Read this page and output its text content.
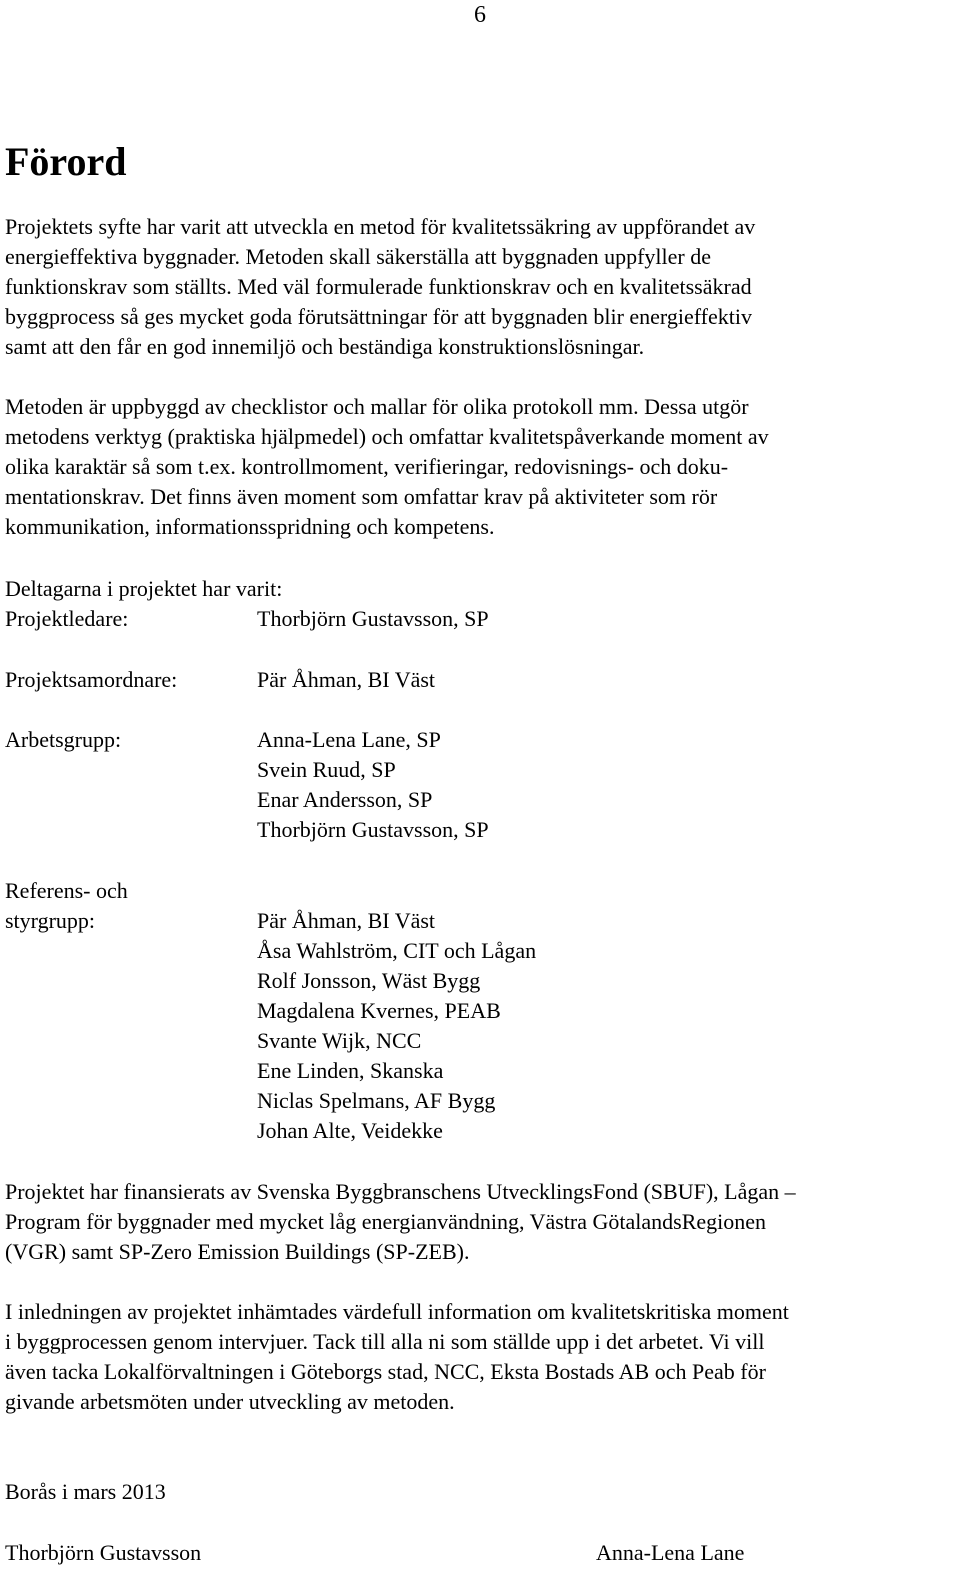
6
Förord
Projektets syfte har varit att utveckla en metod för kvalitetssäkring av uppförandet av
energieffektiva byggnader. Metoden skall säkerställa att byggnaden uppfyller de
funktionskrav som ställts. Med väl formulerade funktionskrav och en kvalitetssäkrad
byggprocess så ges mycket goda förutsättningar för att byggnaden blir energieffektiv
samt att den får en god innemiljö och beständiga konstruktionslösningar.
Metoden är uppbyggd av checklistor och mallar för olika protokoll mm. Dessa utgör
metodens verktyg (praktiska hjälpmedel) och omfattar kvalitetspåverkande moment av
olika karaktär så som t.ex. kontrollmoment, verifieringar, redovisnings- och doku-
mentationskrav. Det finns även moment som omfattar krav på aktiviteter som rör
kommunikation, informationsspridning och kompetens.
Deltagarna i projektet har varit:
Projektledare:	Thorbjörn Gustavsson, SP
Projektsamordnare:	Pär Åhman, BI Väst
Arbetsgrupp:	Anna-Lena Lane, SP
Svein Ruud, SP
Enar Andersson, SP
Thorbjörn Gustavsson, SP
Referens- och
styrgrupp:	Pär Åhman, BI Väst
Åsa Wahlström, CIT och Lågan
Rolf Jonsson, Wäst Bygg
Magdalena Kvernes, PEAB
Svante Wijk, NCC
Ene Linden, Skanska
Niclas Spelmans, AF Bygg
Johan Alte, Veidekke
Projektet har finansierats av Svenska Byggbranschens UtvecklingsFond (SBUF), Lågan –
Program för byggnader med mycket låg energianvändning, Västra GötalandsRegionen
(VGR) samt SP-Zero Emission Buildings (SP-ZEB).
I inledningen av projektet inhämtades värdefull information om kvalitetskritiska moment
i byggprocessen genom intervjuer. Tack till alla ni som ställde upp i det arbetet. Vi vill
även tacka Lokalförvaltningen i Göteborgs stad, NCC, Eksta Bostads AB och Peab för
givande arbetsmöten under utveckling av metoden.
Borås i mars 2013
Thorbjörn Gustavsson	Anna-Lena Lane
